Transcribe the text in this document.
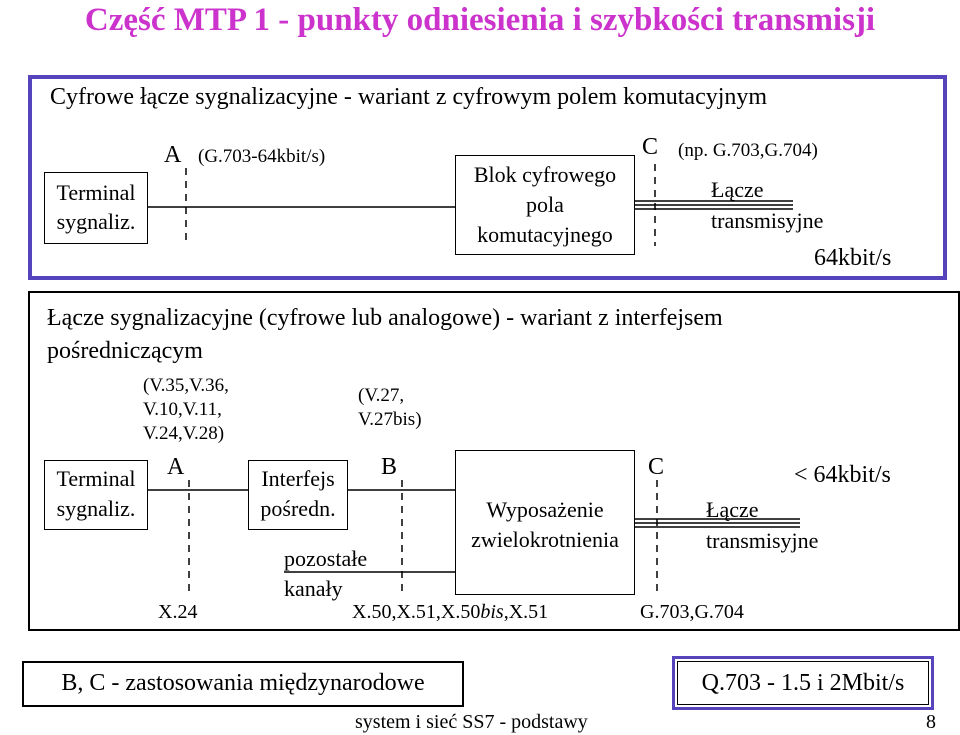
Część MTP 1 - punkty odniesienia i szybkości transmisji
Cyfrowe łącze sygnalizacyjne - wariant z cyfrowym polem komutacyjnym
Terminal
sygnaliz.
A (G.703-64kbit/s)
Blok cyfrowego
pola
komutacyjnego
C (np. G.703,G.704)
Łącze
transmisyjne
64kbit/s
Łącze sygnalizacyjne (cyfrowe lub analogowe) - wariant z interfejsem
pośredniczącym
(V.35,V.36,
V.10,V.11,
V.24,V.28)
(V.27,
V.27bis)
Terminal
sygnaliz.
A	Interfejs
pośredn.
B
Wyposażenie
zwielokrotnienia
C	< 64kbit/s
Łącze
transmisyjne
pozostałe
kanały
X.24	X.50,X.51,X.50bis,X.51	G.703,G.704
B, C - zastosowania międzynarodowe	Q.703 - 1.5 i 2Mbit/s
system i sieć SS7 - podstawy	8
